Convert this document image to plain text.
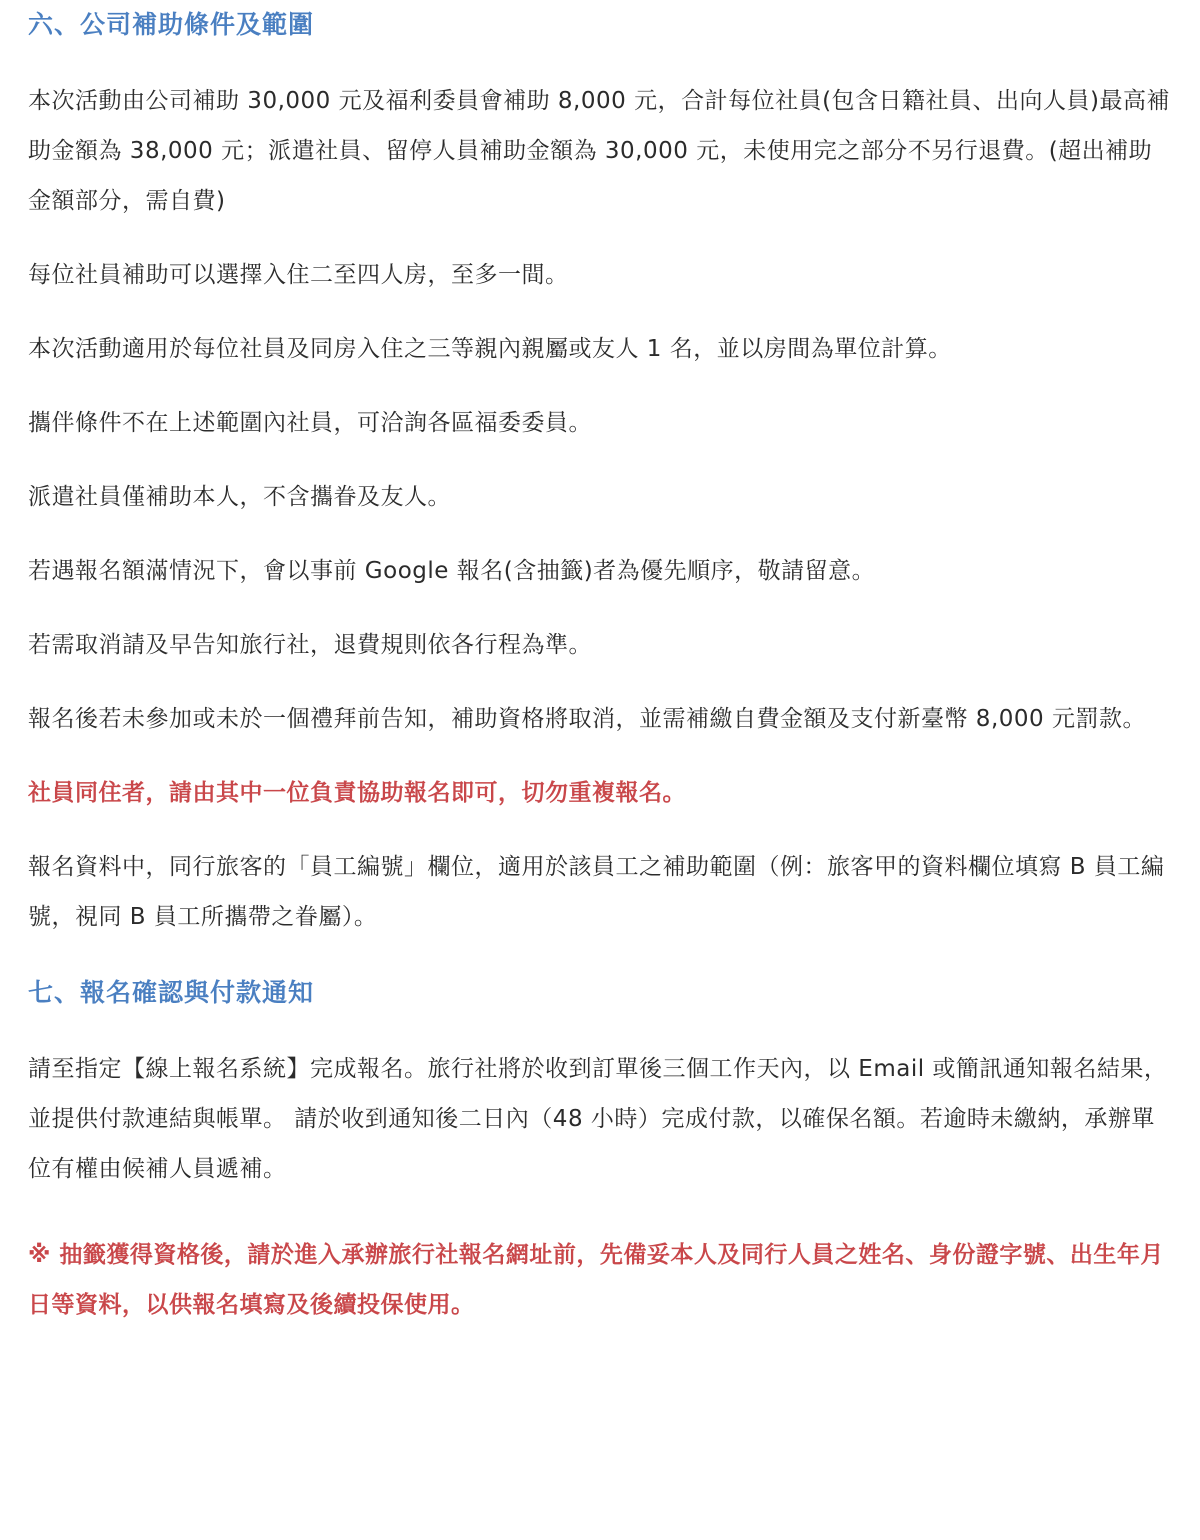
六、公司補助條件及範圍

本次活動由公司補助 30,000 元及福利委員會補助 8,000 元，合計每位社員(包含日籍社員、出向人員)最高補助金額為 38,000 元；派遣社員、留停人員補助金額為 30,000 元，未使用完之部分不另行退費。(超出補助金額部分，需自費)

每位社員補助可以選擇入住二至四人房，至多一間。

本次活動適用於每位社員及同房入住之三等親內親屬或友人 1 名，並以房間為單位計算。

攜伴條件不在上述範圍內社員，可洽詢各區福委委員。

派遣社員僅補助本人，不含攜眷及友人。

若遇報名額滿情況下，會以事前 Google 報名(含抽籤)者為優先順序，敬請留意。

若需取消請及早告知旅行社，退費規則依各行程為準。

報名後若未參加或未於一個禮拜前告知，補助資格將取消，並需補繳自費金額及支付新臺幣 8,000 元罰款。

社員同住者，請由其中一位負責協助報名即可，切勿重複報名。

報名資料中，同行旅客的「員工編號」欄位，適用於該員工之補助範圍（例：旅客甲的資料欄位填寫 B 員工編號，視同 B 員工所攜帶之眷屬）。

七、報名確認與付款通知

請至指定【線上報名系統】完成報名。旅行社將於收到訂單後三個工作天內，以 Email 或簡訊通知報名結果，並提供付款連結與帳單。 請於收到通知後二日內（48 小時）完成付款，以確保名額。若逾時未繳納，承辦單位有權由候補人員遞補。

※ 抽籤獲得資格後，請於進入承辦旅行社報名網址前，先備妥本人及同行人員之姓名、身份證字號、出生年月日等資料，以供報名填寫及後續投保使用。
